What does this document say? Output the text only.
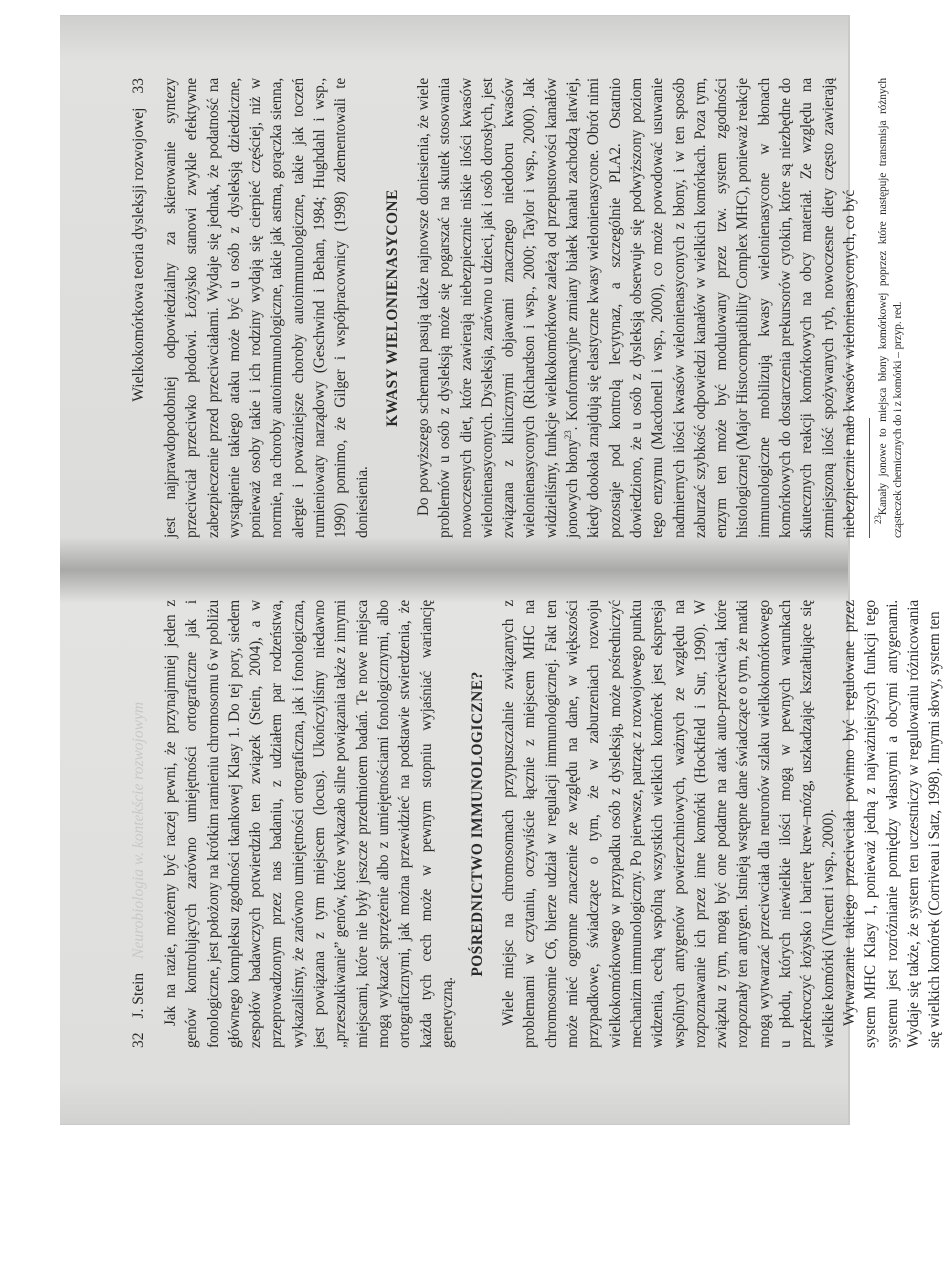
32
J. Stein
Neurobiologia w. kontekście rozwojowym Jak na razie, możemy być raczej pewni, że przynajmniej jeden z genów kontrolujących zarówno umiejętności ortograficzne jak i fonologiczne, jest położony na krótkim ramieniu chromosomu 6 w pobliżu głównego kompleksu zgodności tkankowej Klasy 1. Do tej pory, siedem zespołów badawczych potwierdziło ten związek (Stein, 2004), a w przeprowadzonym przez nas badaniu, z udziałem par rodzeństwa, wykazaliśmy, że zarówno umiejętności ortograficzna, jak i fonologiczna, jest powiązana z tym miejscem (locus). Ukończyliśmy niedawno „przeszukiwanie” genów, które wykazało silne powiązania także z innymi miejscami, które nie były jeszcze przedmiotem badań. Te nowe miejsca mogą wykazać sprzężenie albo z umiejętnościami fonologicznymi, albo ortograficznymi, jak można przewidzieć na podstawie stwierdzenia, że każda tych cech może w pewnym stopniu wyjaśniać wariancję genetyczną.

POŚREDNICTWO IMMUNOLOGICZNE? Wiele miejsc na chromosomach przypuszczalnie związanych z problemami w czytaniu, oczywiście łącznie z miejscem MHC na chromosomie C6, bierze udział w regulacji immunologicznej. Fakt ten może mieć ogromne znaczenie ze względu na dane, w większości przypadkowe, świadczące o tym, że w zaburzeniach rozwoju wielkokomórkowego w przypadku osób z dysleksją, może pośredniczyć mechanizm immunologiczny. Po pierwsze, patrząc z rozwojowego punktu widzenia, cechą wspólną wszystkich wielkich komórek jest ekspresja wspólnych antygenów powierzchniowych, ważnych ze względu na rozpoznawanie ich przez inne komórki (Hockfield i Sur, 1990). W związku z tym, mogą być one podatne na atak auto-przeciwciał, które rozpoznały ten antygen. Istnieją wstępne dane świadczące o tym, że matki mogą wytwarzać przeciwciała dla neuronów szlaku wielkokomórkowego u płodu, których niewielkie ilości mogą w pewnych warunkach przekroczyć łożysko i barierę krew–mózg, uszkadzając kształtujące się wielkie komórki (Vincent i wsp., 2000). Wytwarzanie takiego przeciwciała powinno być regulowane przez system MHC Klasy 1, ponieważ jedną z najważniejszych funkcji tego systemu jest rozróżnianie pomiędzy własnymi a obcymi antygenami. Wydaje się także, że system ten uczestniczy w regulowaniu różnicowania się wielkich komórek (Corriveau i Satz, 1998). Innymi słowy, system ten

Wielkokomórkowa teoria dysleksji rozwojowej
33 jest najprawdopodobniej odpowiedzialny za skierowanie syntezy przeciwciał przeciwko płodowi. Łożysko stanowi zwykle efektywne zabezpieczenie przed przeciwciałami. Wydaje się jednak, że podatność na wystąpienie takiego ataku może być u osób z dysleksją dziedziczne, ponieważ osoby takie i ich rodziny wydają się cierpieć częściej, niż w normie, na choroby autoimmunologiczne, takie jak astma, gorączka sienna, alergie i poważniejsze choroby autoimmunologiczne, takie jak toczeń rumieniowaty narządowy (Geschwind i Behan, 1984; Hughdahl i wsp., 1990) pomimo, że Gilger i współpracownicy (1998) zdementowali te doniesienia.

KWASY WIELONIENASYCONE Do powyższego schematu pasują także najnowsze doniesienia, że wiele problemów u osób z dysleksją może się pogarszać na skutek stosowania nowoczesnych diet, które zawierają niebezpiecznie niskie ilości kwasów wielonienasyconych. Dysleksja, zarówno u dzieci, jak i osób dorosłych, jest związana z klinicznymi objawami znacznego niedoboru kwasów wielonienasyconych (Richardson i wsp., 2000; Taylor i wsp., 2000). Jak widzieliśmy, funkcje wielkokomórkowe zależą od przepustowości kanałów jonowych błony$^{23}$. Konformacyjne zmiany białek kanału zachodzą łatwiej, kiedy dookoła znajdują się elastyczne kwasy wielonienasycone. Obrót nimi pozostaje pod kontrolą lecytynaz, a szczególnie PLA2. Ostatnio dowiedziono, że u osób z dysleksją obserwuje się podwyższony poziom tego enzymu (Macdonell i wsp., 2000), co może powodować usuwanie nadmiernych ilości kwasów wielonienasyconych z błony, i w ten sposób zaburzać szybkość odpowiedzi kanałów w wielkich komórkach. Poza tym, enzym ten może być modulowany przez tzw. system zgodności histologicznej (Major Histocompatibility Complex MHC), ponieważ reakcje immunologiczne mobilizują kwasy wielonienasycone w błonach komórkowych do dostarczenia prekursorów cytokin, które są niezbędne do skutecznych reakcji komórkowych na obcy materiał. Ze względu na zmniejszoną ilość spożywanych ryb, nowoczesne diety często zawierają niebezpiecznie mało kwasów wielonienasyconych, co być $^{23}$Kanały jonowe to miejsca błony komórkowej poprzez które następuje transmisja różnych cząsteczek chemicznych do i z komórki – przyp. red.
